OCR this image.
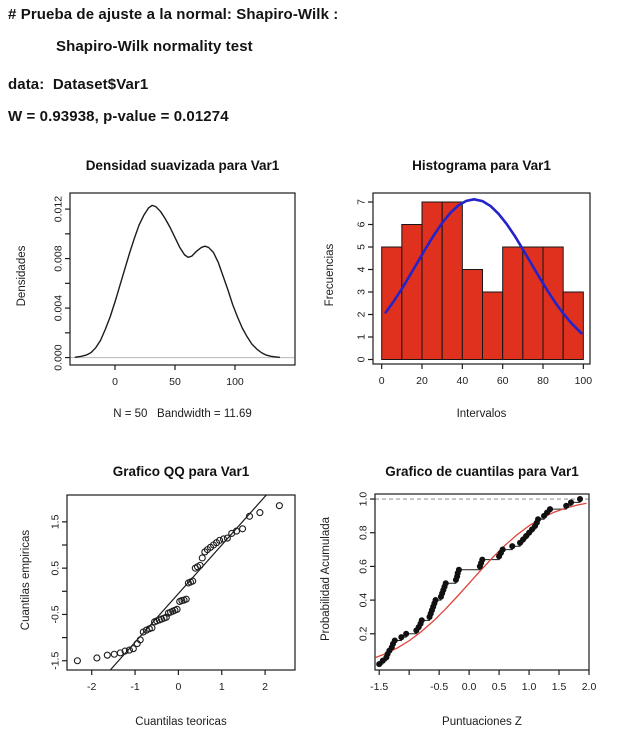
# Prueba de ajuste a la normal: Shapiro-Wilk :
Shapiro-Wilk normality test
data:  Dataset$Var1
W = 0.93938, p-value = 0.01274
Densidad suavizada para Var1
Densidades
0	50	100
0.000
0.004
0.008
0.012
N = 50   Bandwidth = 11.69
Histograma para Var1
Frecuencias
0	20	40	60	80 100
0
1
2
3
4
5
6
7
Intervalos
Grafico QQ para Var1
Cuantilas empiricas
-2	-1	0	1	2
-1.5
-0.5
0.5
1.5
Cuantilas teoricas
Grafico de cuantilas para Var1
Probabilidad Acumulada
-1.5	-0.5 0.0 0.5 1.0 1.5 2.0
0.2
0.4
0.6
0.8
1.0
Puntuaciones Z
